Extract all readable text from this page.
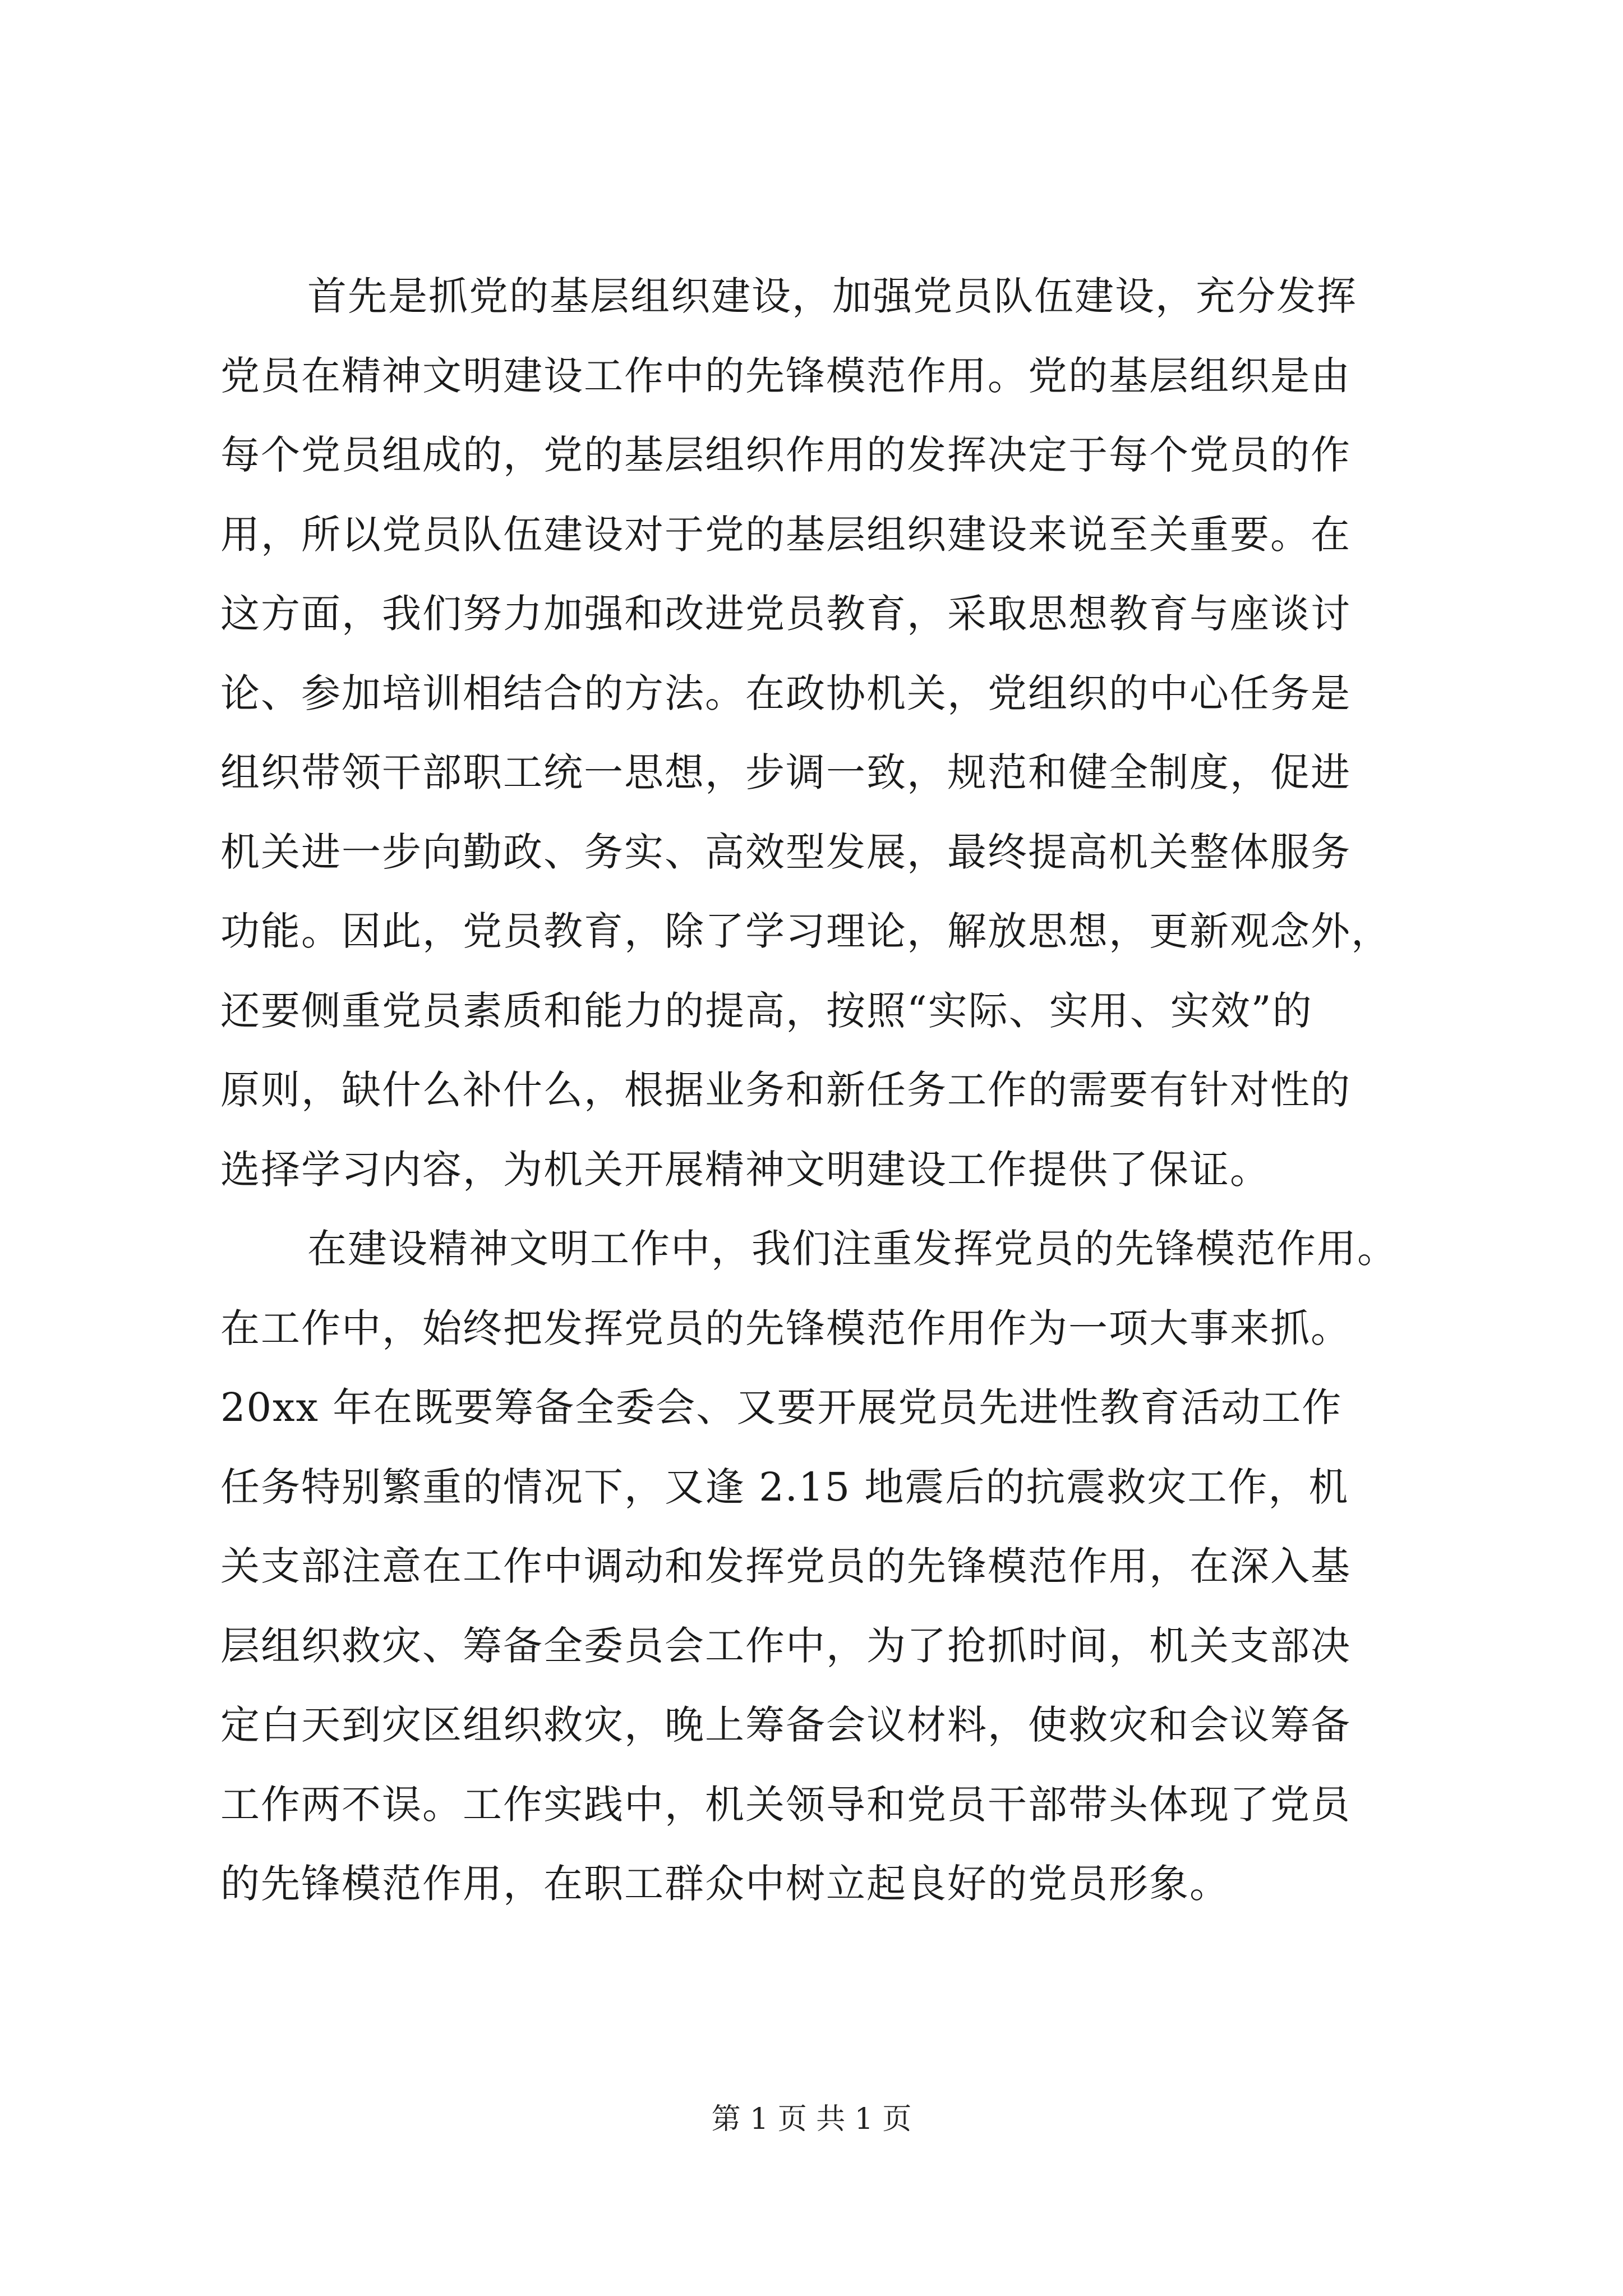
首先是抓党的基层组织建设，加强党员队伍建设，充分发挥
党员在精神文明建设工作中的先锋模范作用。党的基层组织是由
每个党员组成的，党的基层组织作用的发挥决定于每个党员的作
用，所以党员队伍建设对于党的基层组织建设来说至关重要。在
这方面，我们努力加强和改进党员教育，采取思想教育与座谈讨
论、参加培训相结合的方法。在政协机关，党组织的中心任务是
组织带领干部职工统一思想，步调一致，规范和健全制度，促进
机关进一步向勤政、务实、高效型发展，最终提高机关整体服务
功能。因此，党员教育，除了学习理论，解放思想，更新观念外，
还要侧重党员素质和能力的提高，按照“实际、实用、实效”的
原则，缺什么补什么，根据业务和新任务工作的需要有针对性的
选择学习内容，为机关开展精神文明建设工作提供了保证。
在建设精神文明工作中，我们注重发挥党员的先锋模范作用。
在工作中，始终把发挥党员的先锋模范作用作为一项大事来抓。
20xx 年在既要筹备全委会、又要开展党员先进性教育活动工作
任务特别繁重的情况下，又逢 2.15 地震后的抗震救灾工作，机
关支部注意在工作中调动和发挥党员的先锋模范作用，在深入基
层组织救灾、筹备全委员会工作中，为了抢抓时间，机关支部决
定白天到灾区组织救灾，晚上筹备会议材料，使救灾和会议筹备
工作两不误。工作实践中，机关领导和党员干部带头体现了党员
的先锋模范作用，在职工群众中树立起良好的党员形象。
第 1 页 共 1 页
